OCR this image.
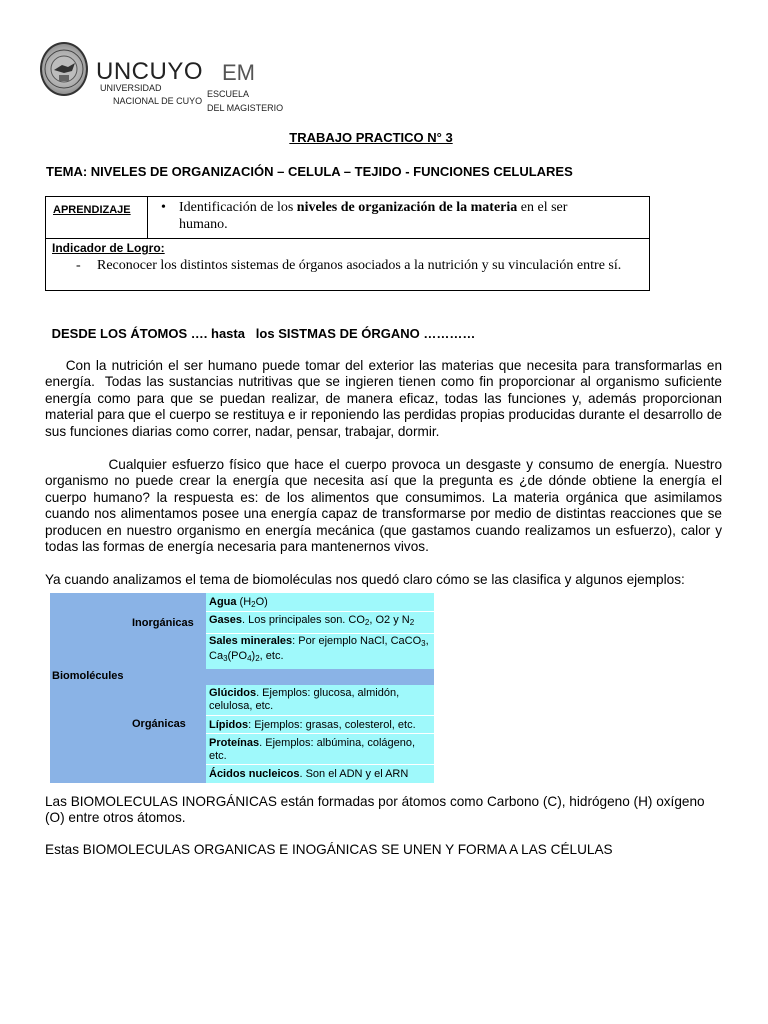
UNCUYO EM
UNIVERSIDAD
NACIONAL DE CUYO
ESCUELA
DEL MAGISTERIO
TRABAJO PRACTICO N° 3
TEMA: NIVELES DE ORGANIZACIÓN – CELULA – TEJIDO - FUNCIONES CELULARES
APRENDIZAJE • Identificación de los niveles de organización de la materia en el ser humano.
Indicador de Logro:
- Reconocer los distintos sistemas de órganos asociados a la nutrición y su vinculación entre sí.
DESDE LOS ÁTOMOS …. hasta   los SISTMAS DE ÓRGANO …………
Con la nutrición el ser humano puede tomar del exterior las materias que necesita para transformarlas en energía.  Todas las sustancias nutritivas que se ingieren tienen como fin proporcionar al organismo suficiente energía como para que se puedan realizar, de manera eficaz, todas las funciones y, además proporcionan material para que el cuerpo se restituya e ir reponiendo las perdidas propias producidas durante el desarrollo de sus funciones diarias como correr, nadar, pensar, trabajar, dormir.
Cualquier esfuerzo físico que hace el cuerpo provoca un desgaste y consumo de energía. Nuestro organismo no puede crear la energía que necesita así que la pregunta es ¿de dónde obtiene la energía el cuerpo humano? la respuesta es: de los alimentos que consumimos. La materia orgánica que asimilamos cuando nos alimentamos posee una energía capaz de transformarse por medio de distintas reacciones que se producen en nuestro organismo en energía mecánica (que gastamos cuando realizamos un esfuerzo), calor y todas las formas de energía necesaria para mantenernos vivos.
Ya cuando analizamos el tema de biomoléculas nos quedó claro cómo se las clasifica y algunos ejemplos:
Biomolécules
Inorgánicas
Orgánicas
Agua $(H_2O)$
Gases. Los principales son. $CO_2$, O2 y $N_2$
Sales minerales: Por ejemplo NaCl, CaCO$_3$, $Ca_3(PO_4)_2$, etc.
Glúcidos. Ejemplos: glucosa, almidón, celulosa, etc.
Lípidos: Ejemplos: grasas, colesterol, etc.
Proteínas. Ejemplos: albúmina, colágeno, etc.
Ácidos nucleicos. Son el ADN y el ARN
Las BIOMOLECULAS INORGÁNICAS están formadas por átomos como Carbono (C), hidrógeno (H) oxígeno (O) entre otros átomos.
Estas BIOMOLECULAS ORGANICAS E INOGÁNICAS SE UNEN Y FORMA A LAS CÉLULAS
